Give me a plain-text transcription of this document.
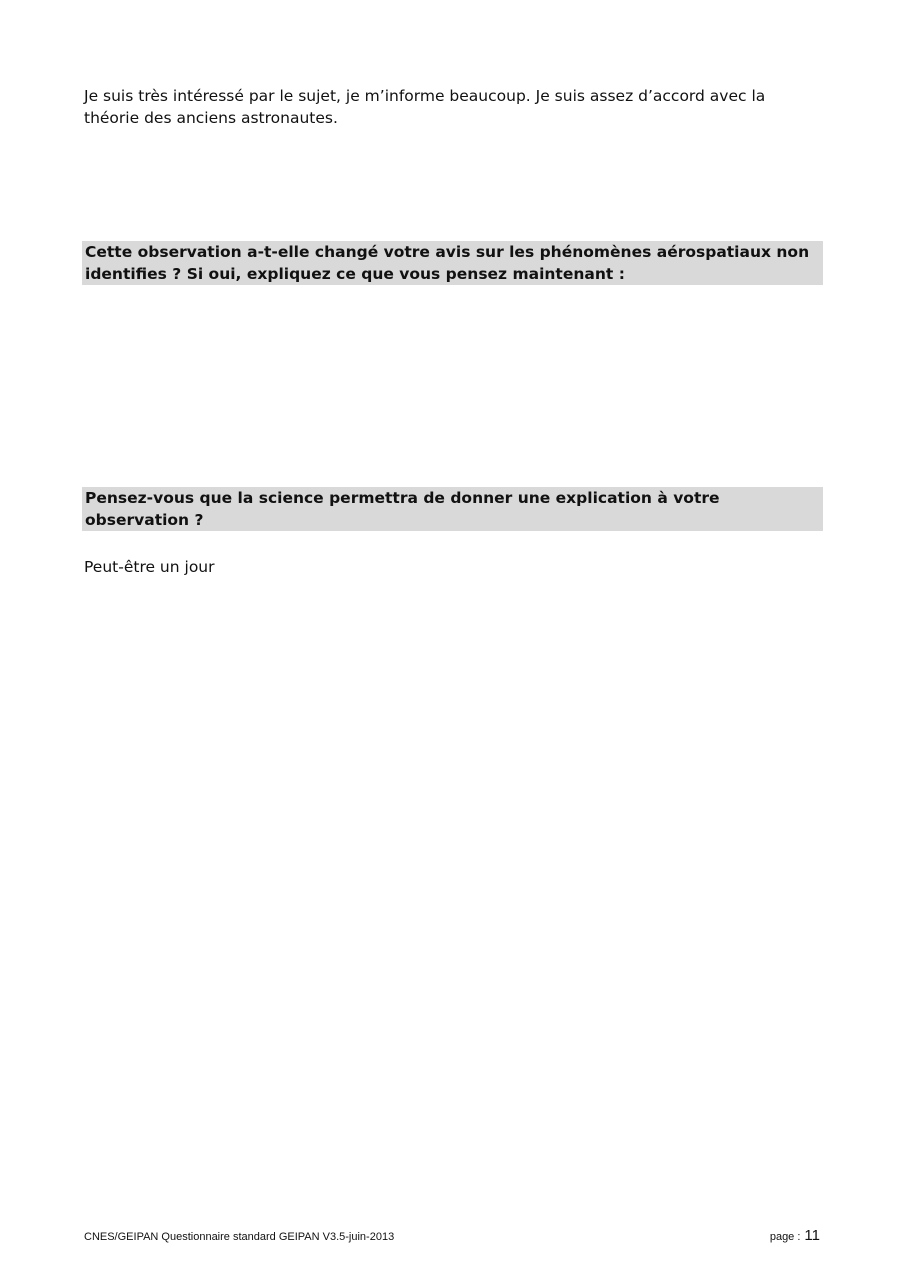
Je suis très intéressé par le sujet, je m’informe beaucoup. Je suis assez d’accord avec la théorie des anciens astronautes.

Cette observation a-t-elle changé votre avis sur les phénomènes aérospatiaux non identifies ? Si oui, expliquez ce que vous pensez maintenant :

Pensez-vous que la science permettra de donner une explication à votre observation ?

Peut-être un jour

CNES/GEIPAN Questionnaire standard GEIPAN V3.5-juin-2013	page : 11
